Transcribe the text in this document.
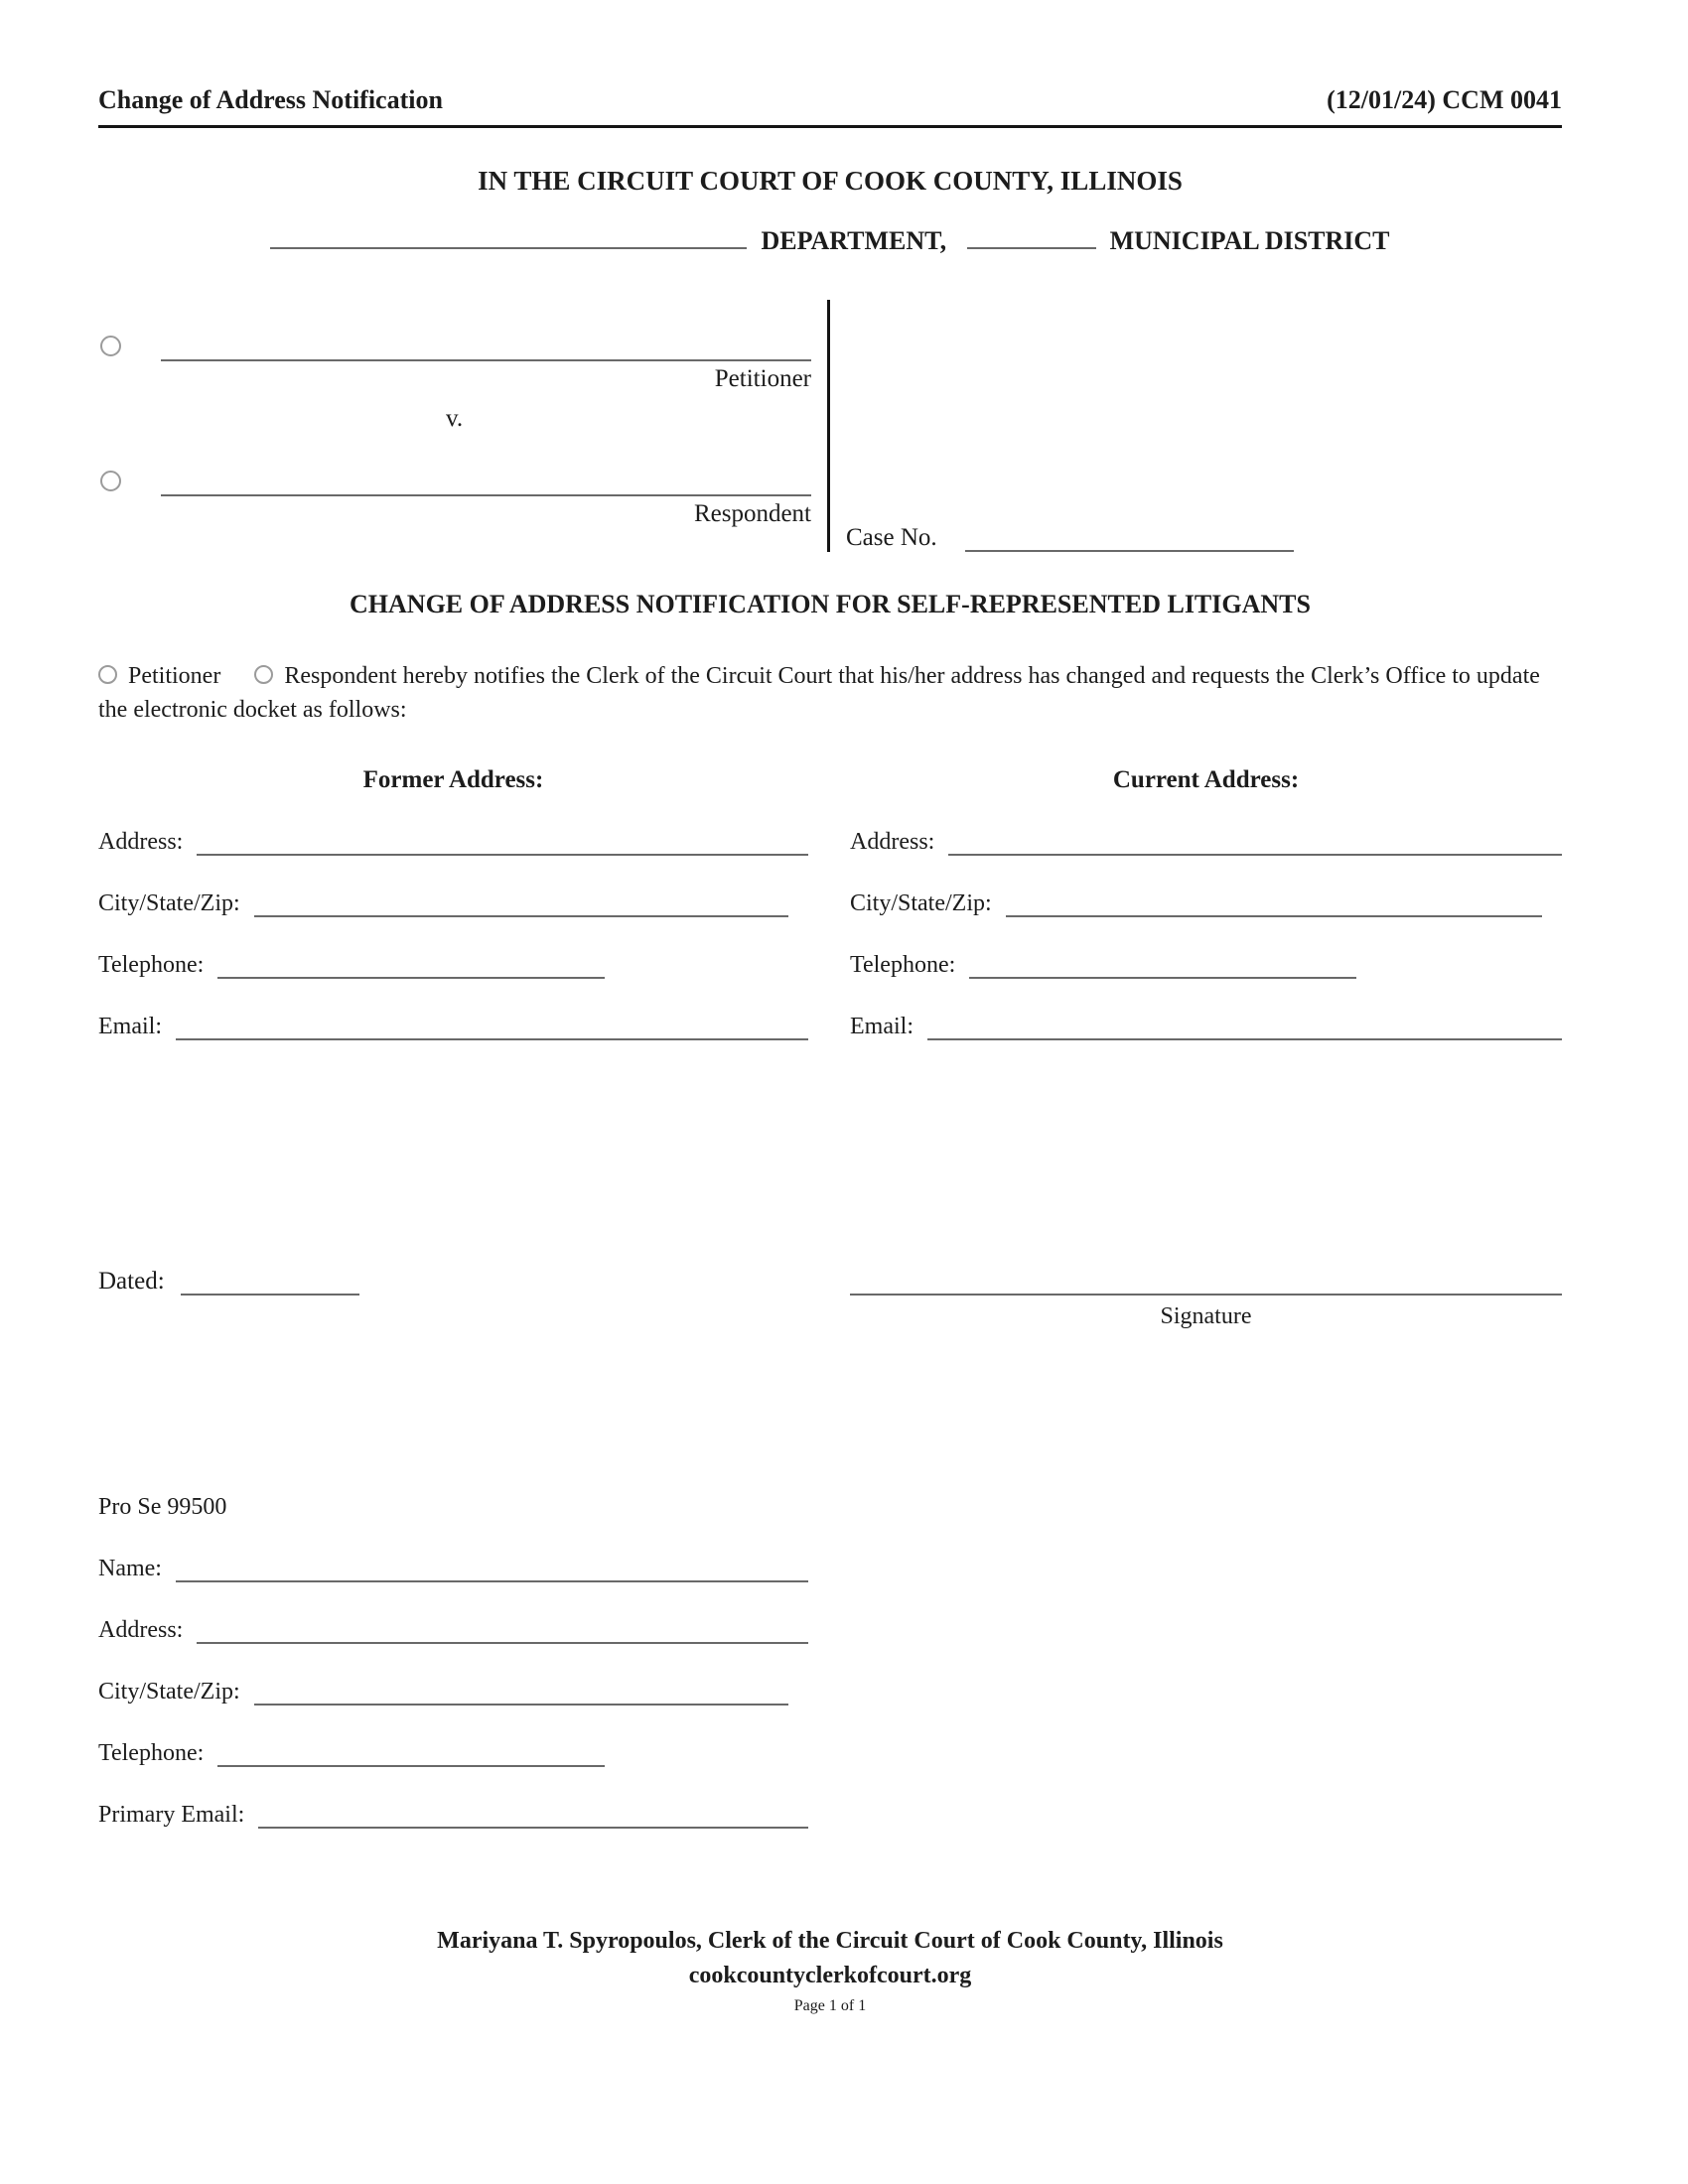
Change of Address Notification	(12/01/24) CCM 0041
IN THE CIRCUIT COURT OF COOK COUNTY, ILLINOIS
DEPARTMENT,	MUNICIPAL DISTRICT
Petitioner
v.
Respondent
Case No.
CHANGE OF ADDRESS NOTIFICATION FOR SELF-REPRESENTED LITIGANTS

Petitioner	Respondent hereby notifies the Clerk of the Circuit Court that his/her address has changed and requests the Clerk’s Office to update the electronic docket as follows:

Former Address:
Address:
City/State/Zip:
Telephone:
Email:
Current Address:
Address:
City/State/Zip:
Telephone:
Email:
Dated:
Signature
Pro Se 99500
Name:
Address:
City/State/Zip:
Telephone:
Primary Email:
Mariyana T. Spyropoulos, Clerk of the Circuit Court of Cook County, Illinois
cookcountyclerkofcourt.org
Page 1 of 1
